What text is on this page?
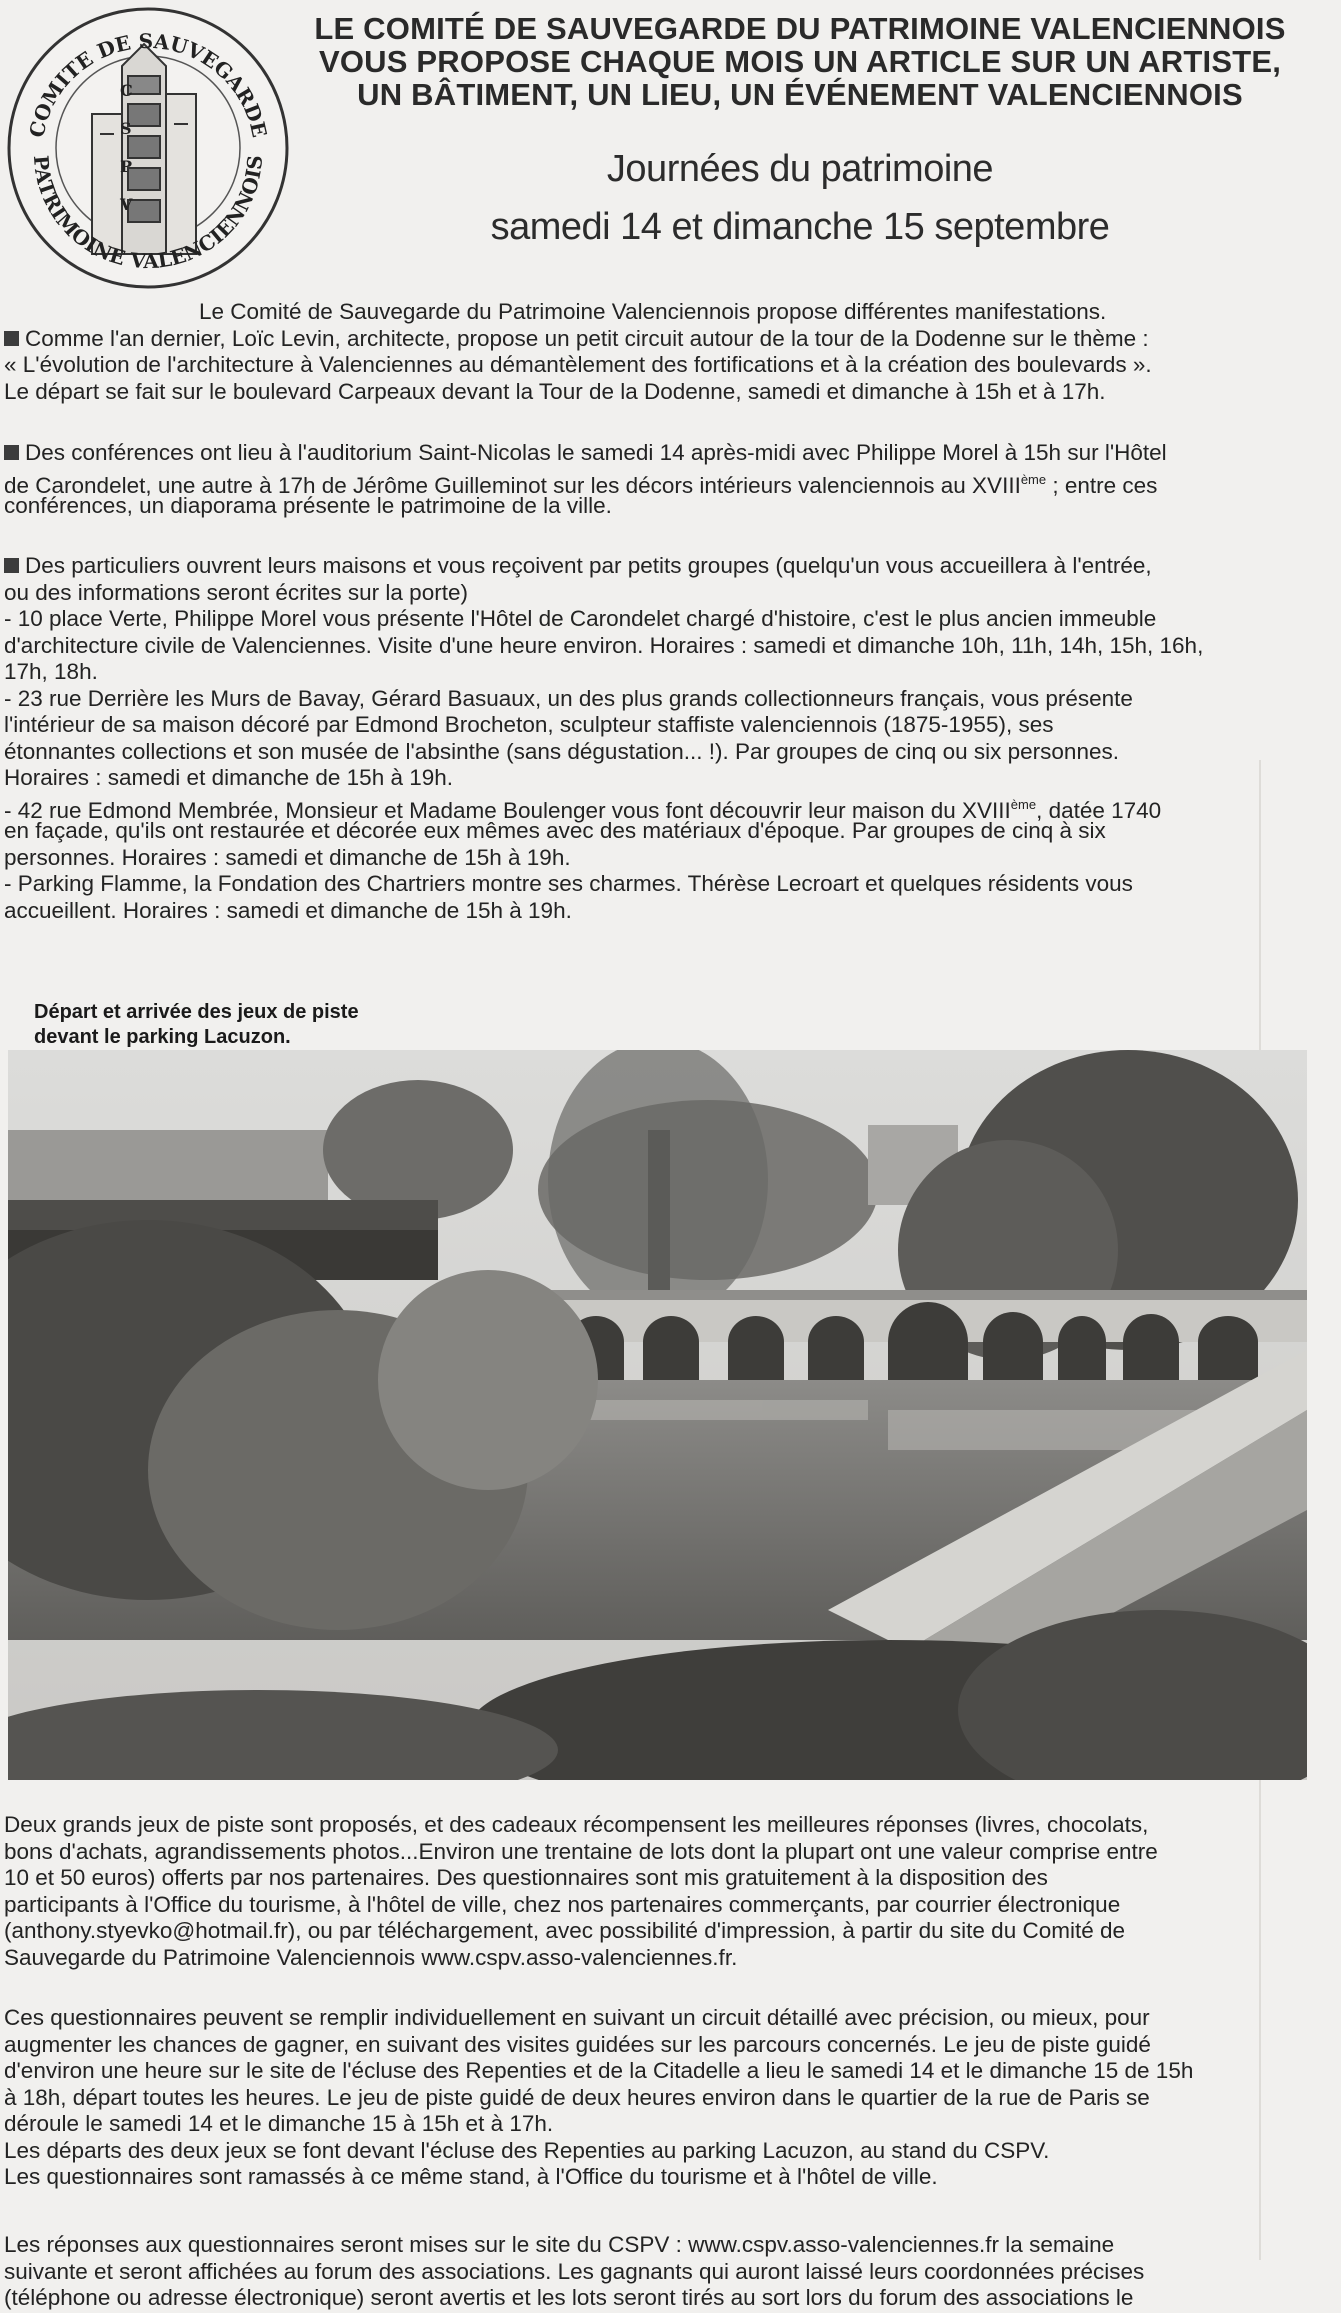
COMITE DE SAUVEGARDE
PATRIMOINE VALENCIENNOIS
C
S
P
V
LE COMITÉ DE SAUVEGARDE DU PATRIMOINE VALENCIENNOIS
VOUS PROPOSE CHAQUE MOIS UN ARTICLE SUR UN ARTISTE,
UN BÂTIMENT, UN LIEU, UN ÉVÉNEMENT VALENCIENNOIS
Journées du patrimoine
samedi 14 et dimanche 15 septembre
Le Comité de Sauvegarde du Patrimoine Valenciennois propose différentes manifestations.
Comme l'an dernier, Loïc Levin, architecte, propose un petit circuit autour de la tour de la Dodenne sur le thème :
« L'évolution de l'architecture à Valenciennes au démantèlement des fortifications et à la création des boulevards ».
Le départ se fait sur le boulevard Carpeaux devant la Tour de la Dodenne, samedi et dimanche à 15h et à 17h.
Des conférences ont lieu à l'auditorium Saint-Nicolas le samedi 14 après-midi avec Philippe Morel à 15h sur l'Hôtel
de Carondelet, une autre à 17h de Jérôme Guilleminot sur les décors intérieurs valenciennois au XVIIIème ; entre ces
conférences, un diaporama présente le patrimoine de la ville.
Des particuliers ouvrent leurs maisons et vous reçoivent par petits groupes (quelqu'un vous accueillera à l'entrée,
ou des informations seront écrites sur la porte)
- 10 place Verte, Philippe Morel vous présente l'Hôtel de Carondelet chargé d'histoire, c'est le plus ancien immeuble
d'architecture civile de Valenciennes. Visite d'une heure environ. Horaires : samedi et dimanche 10h, 11h, 14h, 15h, 16h,
17h, 18h.
- 23 rue Derrière les Murs de Bavay, Gérard Basuaux, un des plus grands collectionneurs français, vous présente
l'intérieur de sa maison décoré par Edmond Brocheton, sculpteur staffiste valenciennois (1875-1955), ses
étonnantes collections et son musée de l'absinthe (sans dégustation... !). Par groupes de cinq ou six personnes.
Horaires : samedi et dimanche de 15h à 19h.
- 42 rue Edmond Membrée, Monsieur et Madame Boulenger vous font découvrir leur maison du XVIIIème, datée 1740
en façade, qu'ils ont restaurée et décorée eux mêmes avec des matériaux d'époque. Par groupes de cinq à six
personnes. Horaires : samedi et dimanche de 15h à 19h.
- Parking Flamme, la Fondation des Chartriers montre ses charmes. Thérèse Lecroart et quelques résidents vous
accueillent. Horaires : samedi et dimanche de 15h à 19h.
Départ et arrivée des jeux de piste
devant le parking Lacuzon.
Deux grands jeux de piste sont proposés, et des cadeaux récompensent les meilleures réponses (livres, chocolats,
bons d'achats, agrandissements photos...Environ une trentaine de lots dont la plupart ont une valeur comprise entre
10 et 50 euros) offerts par nos partenaires. Des questionnaires sont mis gratuitement à la disposition des
participants à l'Office du tourisme, à l'hôtel de ville, chez nos partenaires commerçants, par courrier électronique
(anthony.styevko@hotmail.fr), ou par téléchargement, avec possibilité d'impression, à partir du site du Comité de
Sauvegarde du Patrimoine Valenciennois www.cspv.asso-valenciennes.fr.
Ces questionnaires peuvent se remplir individuellement en suivant un circuit détaillé avec précision, ou mieux, pour
augmenter les chances de gagner, en suivant des visites guidées sur les parcours concernés. Le jeu de piste guidé
d'environ une heure sur le site de l'écluse des Repenties et de la Citadelle a lieu le samedi 14 et le dimanche 15 de 15h
à 18h, départ toutes les heures. Le jeu de piste guidé de deux heures environ dans le quartier de la rue de Paris se
déroule le samedi 14 et le dimanche 15 à 15h et à 17h.
Les départs des deux jeux se font devant l'écluse des Repenties au parking Lacuzon, au stand du CSPV.
Les questionnaires sont ramassés à ce même stand, à l'Office du tourisme et à l'hôtel de ville.
Les réponses aux questionnaires seront mises sur le site du CSPV : www.cspv.asso-valenciennes.fr la semaine
suivante et seront affichées au forum des associations. Les gagnants qui auront laissé leurs coordonnées précises
(téléphone ou adresse électronique) seront avertis et les lots seront tirés au sort lors du forum des associations le
